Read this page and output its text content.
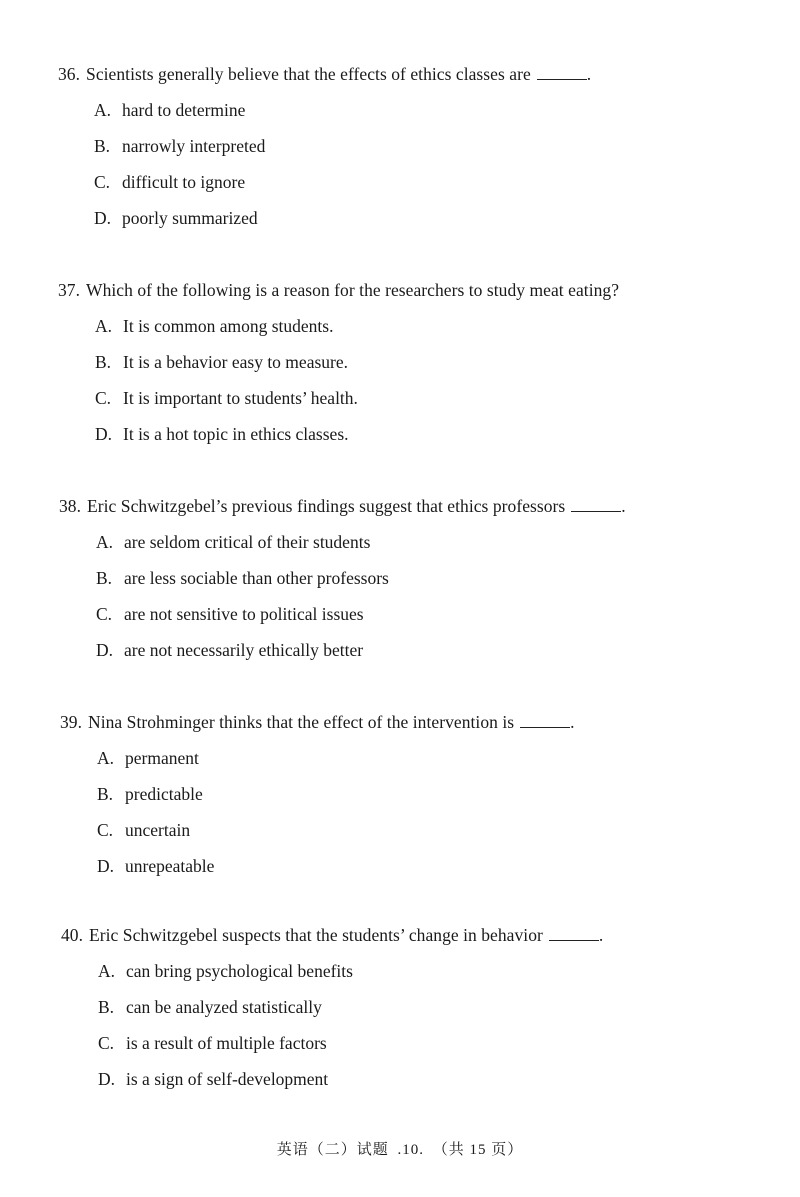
36. Scientists generally believe that the effects of ethics classes are	.
A. hard to determine
B. narrowly interpreted
C. difficult to ignore
D. poorly summarized
37. Which of the following is a reason for the researchers to study meat eating?
A. It is common among students.
B. It is a behavior easy to measure.
C. It is important to students’ health.
D. It is a hot topic in ethics classes.
38. Eric Schwitzgebel’s previous findings suggest that ethics professors	.
A. are seldom critical of their students
B. are less sociable than other professors
C. are not sensitive to political issues
D. are not necessarily ethically better
39. Nina Strohminger thinks that the effect of the intervention is	.
A. permanent
B. predictable
C. uncertain
D. unrepeatable
40. Eric Schwitzgebel suspects that the students’ change in behavior	.
A. can bring psychological benefits
B. can be analyzed statistically
C. is a result of multiple factors
D. is a sign of self-development
英语（二）试题 .10. （共 15 页）
